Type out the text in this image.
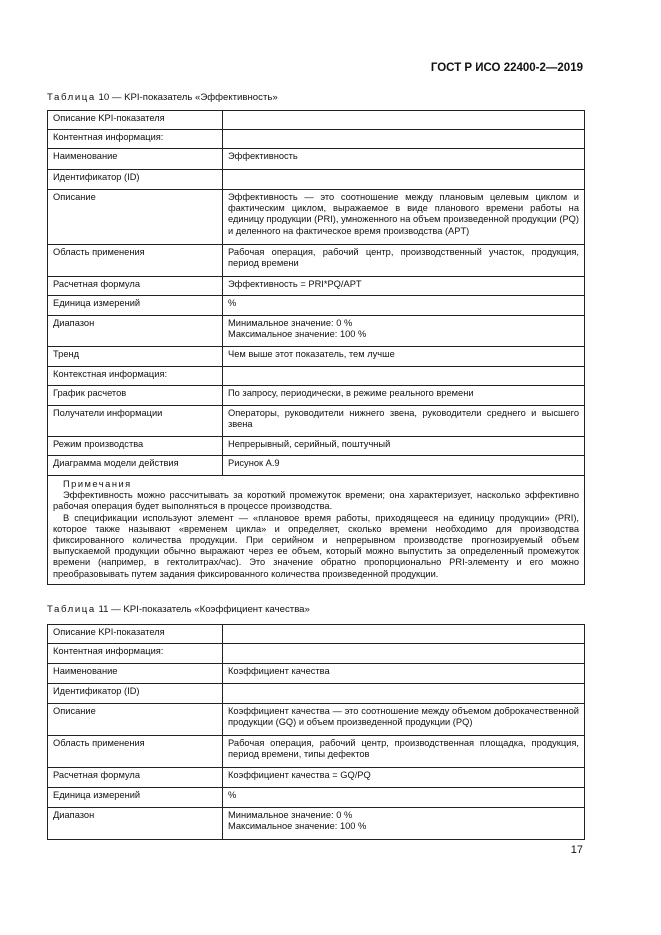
ГОСТ Р ИСО 22400-2—2019
Таблица 10 — KPI-показатель «Эффективность»
Описание KPI-показателя	
Контентная информация:	
Наименование	Эффективность
Идентификатор (ID)	
Описание	Эффективность — это соотношение между плановым целевым циклом и фактическим циклом, выражаемое в виде планового времени работы на единицу продукции (PRI), умноженного на объем произведенной продукции (PQ) и деленного на фактическое время производства (APT)
Область применения	Рабочая операция, рабочий центр, производственный участок, продукция, период времени
Расчетная формула	Эффективность = PRI*PQ/APT
Единица измерений	%
Диапазон	Минимальное значение: 0 %
Максимальное значение: 100 %

Тренд	Чем выше этот показатель, тем лучше
Контекстная информация:	
График расчетов	По запросу, периодически, в режиме реального времени
Получатели информации	Операторы, руководители нижнего звена, руководители среднего и высшего звена
Режим производства	Непрерывный, серийный, поштучный
Диаграмма модели действия	Рисунок А.9

Примечания

Эффективность можно рассчитывать за короткий промежуток времени; она характеризует, насколько эффективно рабочая операция будет выполняться в процессе производства.

В спецификации используют элемент — «плановое время работы, приходящееся на единицу продукции» (PRI), которое также называют «временем цикла» и определяет, сколько времени необходимо для производства фиксированного количества продукции. При серийном и непрерывном производстве прогнозируемый объем выпускаемой продукции обычно выражают через ее объем, который можно выпустить за определенный промежуток времени (например, в гектолитрах/час). Это значение обратно пропорционально PRI-элементу и его можно преобразовывать путем задания фиксированного количества произведенной продукции.	

Таблица 11 — KPI-показатель «Коэффициент качества»
Описание KPI-показателя	
Контентная информация:	
Наименование	Коэффициент качества
Идентификатор (ID)	
Описание	Коэффициент качества — это соотношение между объемом доброкачественной продукции (GQ) и объем произведенной продукции (PQ)
Область применения	Рабочая операция, рабочий центр, производственная площадка, продукция, период времени, типы дефектов
Расчетная формула	Коэффициент качества = GQ/PQ
Единица измерений	%
Диапазон	Минимальное значение: 0 %
Максимальное значение: 100 %
17
